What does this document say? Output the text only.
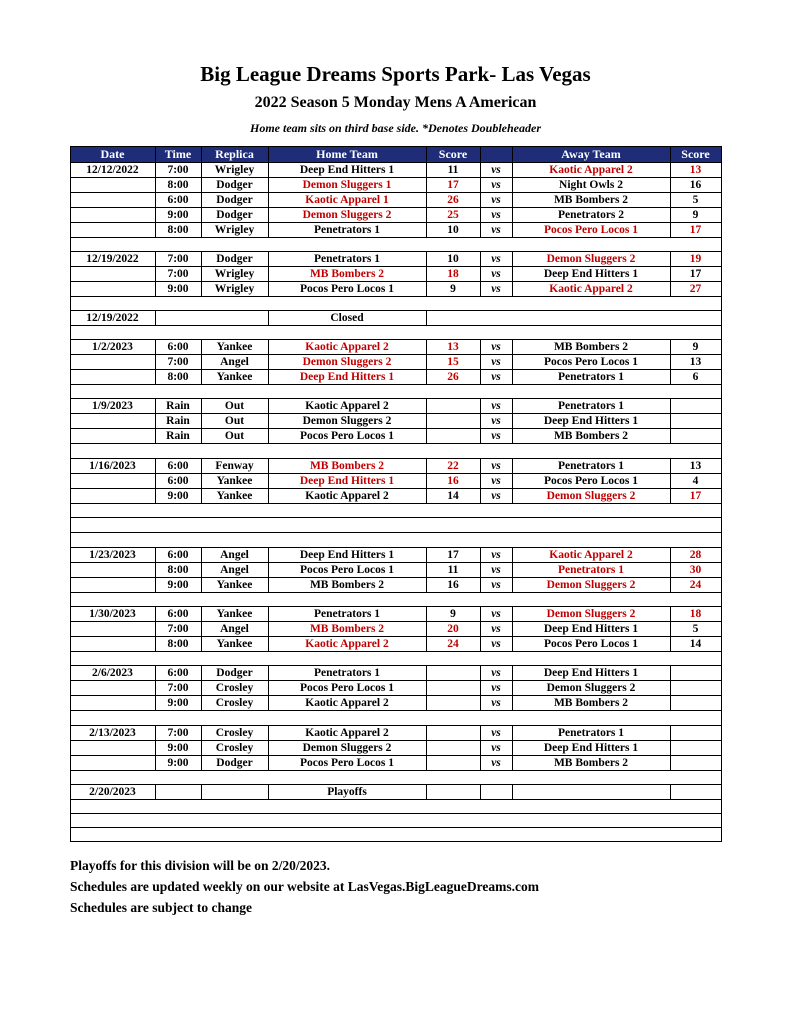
Big League Dreams Sports Park- Las Vegas
2022 Season 5 Monday Mens A American
Home team sits on third base side. *Denotes Doubleheader
Date	Time	Replica	Home Team	Score		Away Team	Score
12/12/2022	7:00	Wrigley	Deep End Hitters 1	11	vs	Kaotic Apparel 2	13
	8:00	Dodger	Demon Sluggers 1	17	vs	Night Owls 2	16
	6:00	Dodger	Kaotic Apparel 1	26	vs	MB Bombers 2	5
	9:00	Dodger	Demon Sluggers 2	25	vs	Penetrators 2	9
	8:00	Wrigley	Penetrators 1	10	vs	Pocos Pero Locos 1	17

12/19/2022	7:00	Dodger	Penetrators 1	10	vs	Demon Sluggers 2	19
	7:00	Wrigley	MB Bombers 2	18	vs	Deep End Hitters 1	17
	9:00	Wrigley	Pocos Pero Locos 1	9	vs	Kaotic Apparel 2	27

12/19/2022			Closed				

1/2/2023	6:00	Yankee	Kaotic Apparel 2	13	vs	MB Bombers 2	9
	7:00	Angel	Demon Sluggers 2	15	vs	Pocos Pero Locos 1	13
	8:00	Yankee	Deep End Hitters 1	26	vs	Penetrators 1	6

1/9/2023	Rain	Out	Kaotic Apparel 2		vs	Penetrators 1	
	Rain	Out	Demon Sluggers 2		vs	Deep End Hitters 1	
	Rain	Out	Pocos Pero Locos 1		vs	MB Bombers 2	
1/16 - All fees are due by the end of the night or games will be recorded as a forfeit							
1/16/2023	6:00	Fenway	MB Bombers 2	22	vs	Penetrators 1	13
	6:00	Yankee	Deep End Hitters 1	16	vs	Pocos Pero Locos 1	4
	9:00	Yankee	Kaotic Apparel 2	14	vs	Demon Sluggers 2	17

1/23 -Rosters are frozen after tonight, only players with their names on the signed roster are eligible for playoffs.							
Please check carefully as changes will not be made for omissions.							
1/23/2023	6:00	Angel	Deep End Hitters 1	17	vs	Kaotic Apparel 2	28
	8:00	Angel	Pocos Pero Locos 1	11	vs	Penetrators 1	30
	9:00	Yankee	MB Bombers 2	16	vs	Demon Sluggers 2	24

1/30/2023	6:00	Yankee	Penetrators 1	9	vs	Demon Sluggers 2	18
	7:00	Angel	MB Bombers 2	20	vs	Deep End Hitters 1	5
	8:00	Yankee	Kaotic Apparel 2	24	vs	Pocos Pero Locos 1	14

2/6/2023	6:00	Dodger	Penetrators 1		vs	Deep End Hitters 1	
	7:00	Crosley	Pocos Pero Locos 1		vs	Demon Sluggers 2	
	9:00	Crosley	Kaotic Apparel 2		vs	MB Bombers 2	
2/13 - games tonight were from 1/9							
2/13/2023	7:00	Crosley	Kaotic Apparel 2		vs	Penetrators 1	
	9:00	Crosley	Demon Sluggers 2		vs	Deep End Hitters 1	
	9:00	Dodger	Pocos Pero Locos 1		vs	MB Bombers 2	

2/20/2023			Playoffs				

Playoffs for this division will be on 2/20/2023.
Schedules are updated weekly on our website at LasVegas.BigLeagueDreams.com
Schedules are subject to change
